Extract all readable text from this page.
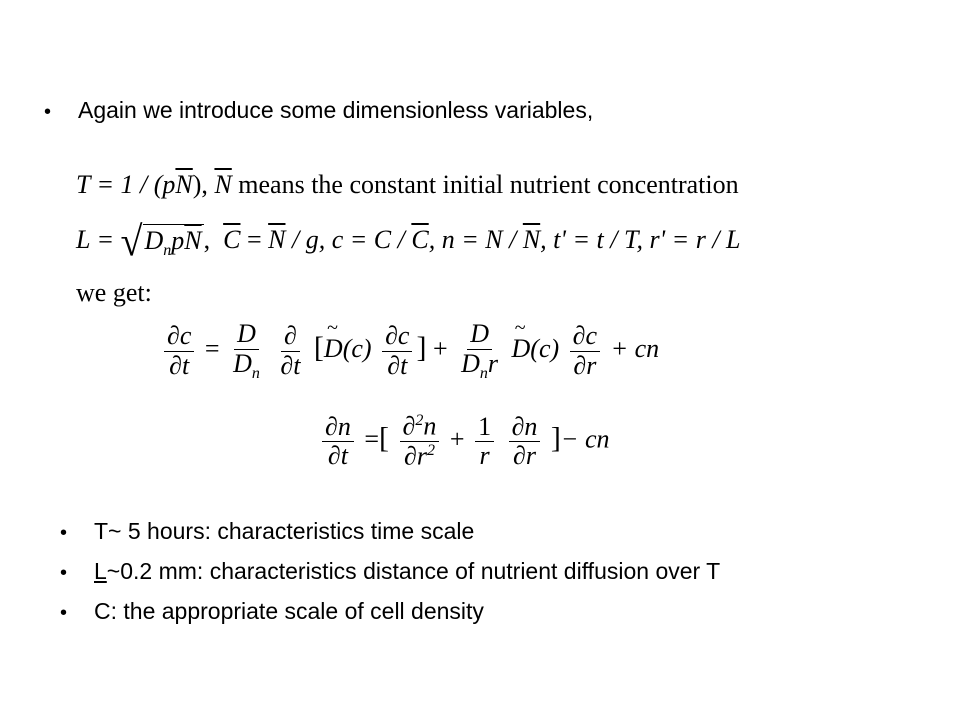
•	Again we introduce some dimensionless variables,
$T = 1 / (p\overline{N})$, $\overline{N}$ means the constant initial nutrient concentration
L = √ $D_np\overline{N}$ ,  $\overline{C} = \overline{N} / g$, $c = C / \overline{C}$, $n = N / \overline{N}$, t' = t / T, r' = r / L
we get:
$\frac{\partial c}{\partial t} = \frac{D}{D_n}$
$\frac{\partial}{\partial t}$ [~ $D(c) \frac{\partial c}{\partial t}$ ] + $\frac{D}{D_nr}$ ~ $D(c) \frac{\partial c}{\partial r}$ + cn
$\frac{\partial n}{\partial t}$ =[ $\frac{\partial^2n}{\partial r^2} + \frac{1}{r}$
$\frac{\partial n}{\partial r}$ ]− cn
•	T~ 5 hours: characteristics time scale
•	L ~0.2 mm: characteristics distance of nutrient diffusion over T
•	C: the appropriate scale of cell density
